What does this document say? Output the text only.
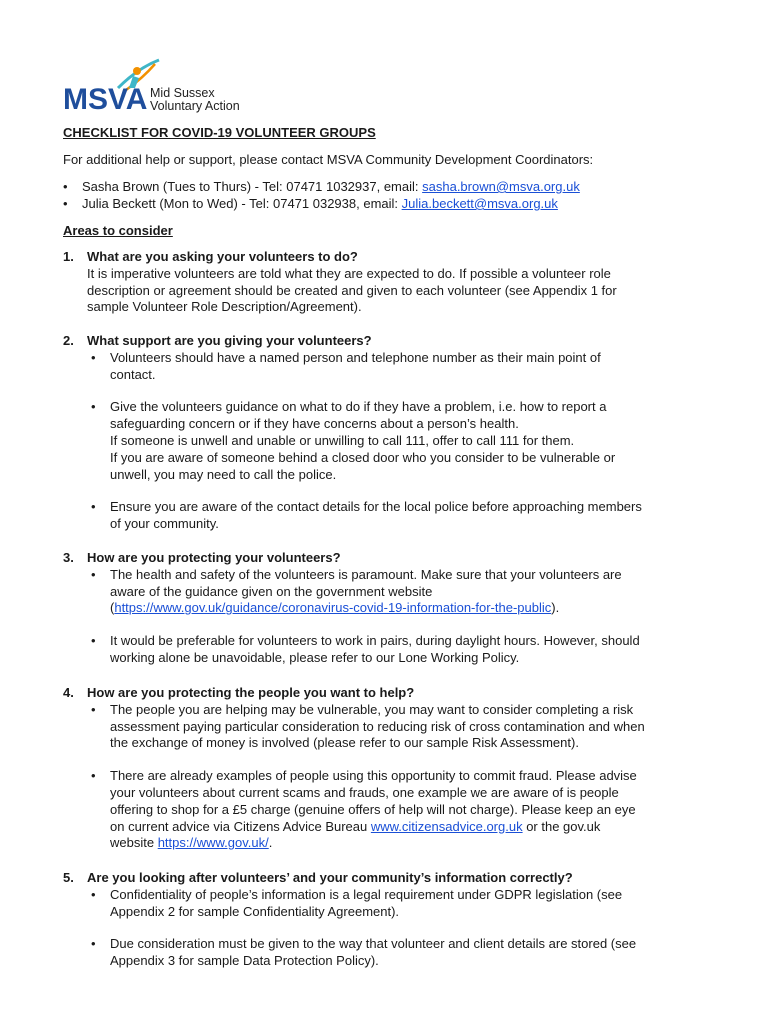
MSVA Mid Sussex
Voluntary Action
CHECKLIST FOR COVID-19 VOLUNTEER GROUPS
For additional help or support, please contact MSVA Community Development Coordinators:
• Sasha Brown (Tues to Thurs) - Tel: 07471 1032937, email: sasha.brown@msva.org.uk
• Julia Beckett (Mon to Wed) - Tel: 07471 032938, email: Julia.beckett@msva.org.uk
Areas to consider
1. What are you asking your volunteers to do?
It is imperative volunteers are told what they are expected to do. If possible a volunteer role
description or agreement should be created and given to each volunteer (see Appendix 1 for
sample Volunteer Role Description/Agreement).
2. What support are you giving your volunteers?
• Volunteers should have a named person and telephone number as their main point of
contact.
• Give the volunteers guidance on what to do if they have a problem, i.e. how to report a
safeguarding concern or if they have concerns about a person’s health.
If someone is unwell and unable or unwilling to call 111, offer to call 111 for them.
If you are aware of someone behind a closed door who you consider to be vulnerable or
unwell, you may need to call the police.
• Ensure you are aware of the contact details for the local police before approaching members
of your community.
3. How are you protecting your volunteers?
• The health and safety of the volunteers is paramount. Make sure that your volunteers are
aware of the guidance given on the government website
(https://www.gov.uk/guidance/coronavirus-covid-19-information-for-the-public).
• It would be preferable for volunteers to work in pairs, during daylight hours. However, should
working alone be unavoidable, please refer to our Lone Working Policy.
4. How are you protecting the people you want to help?
• The people you are helping may be vulnerable, you may want to consider completing a risk
assessment paying particular consideration to reducing risk of cross contamination and when
the exchange of money is involved (please refer to our sample Risk Assessment).
• There are already examples of people using this opportunity to commit fraud. Please advise
your volunteers about current scams and frauds, one example we are aware of is people
offering to shop for a £5 charge (genuine offers of help will not charge). Please keep an eye
on current advice via Citizens Advice Bureau www.citizensadvice.org.uk or the gov.uk
website https://www.gov.uk/.
5. Are you looking after volunteers’ and your community’s information correctly?
• Confidentiality of people’s information is a legal requirement under GDPR legislation (see
Appendix 2 for sample Confidentiality Agreement).
• Due consideration must be given to the way that volunteer and client details are stored (see
Appendix 3 for sample Data Protection Policy).
